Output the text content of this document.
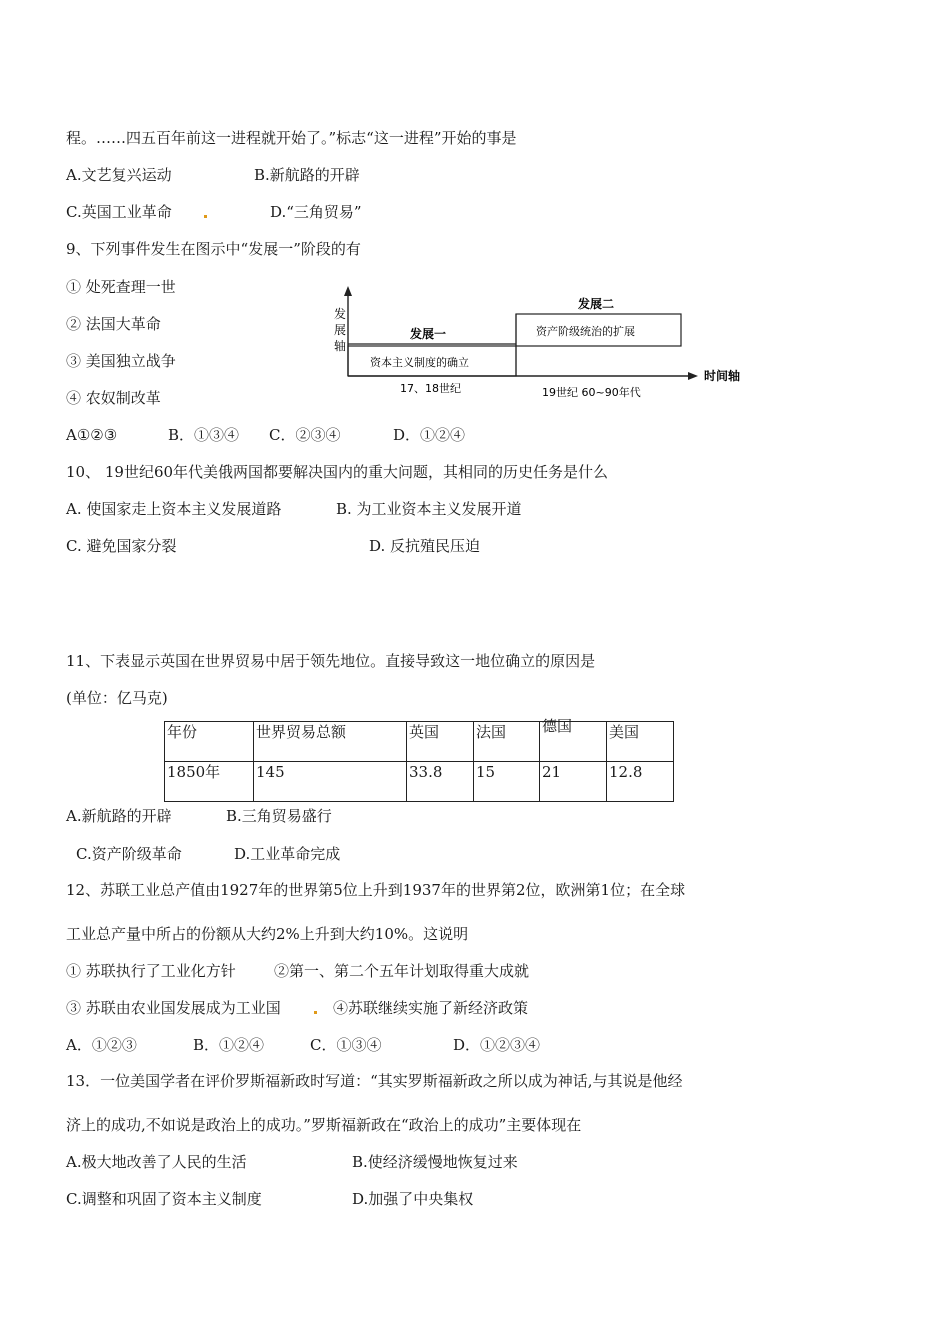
程。……四五百年前这一进程就开始了。”标志“这一进程”开始的事是
A.文艺复兴运动	B.新航路的开辟
C.英国工业革命	D.“三角贸易”
9、下列事件发生在图示中“发展一”阶段的有
① 处死查理一世
② 法国大革命
③ 美国独立战争
④ 农奴制改革
A①②③	B．①③④ C．②③④	D．①②④
发
展
轴
时间轴
发展一
资本主义制度的确立
17、18世纪
发展二
资产阶级统治的扩展
19世纪 60~90年代
10、 19世纪60年代美俄两国都要解决国内的重大问题，其相同的历史任务是什么
A. 使国家走上资本主义发展道路	B. 为工业资本主义发展开道
C. 避免国家分裂	D. 反抗殖民压迫
11、下表显示英国在世界贸易中居于领先地位。直接导致这一地位确立的原因是
(单位：亿马克)
年份	世界贸易总额	英国	法国	德国	美国
1850年	145	33.8	15	21	12.8
A.新航路的开辟	B.三角贸易盛行
C.资产阶级革命	D.工业革命完成
12、苏联工业总产值由1927年的世界第5位上升到1937年的世界第2位，欧洲第1位；在全球
工业总产量中所占的份额从大约2%上升到大约10%。这说明
① 苏联执行了工业化方针	②第一、第二个五年计划取得重大成就
③ 苏联由农业国发展成为工业国	④苏联继续实施了新经济政策
A．①②③	B．①②④	C．①③④	D．①②③④
13．一位美国学者在评价罗斯福新政时写道：“其实罗斯福新政之所以成为神话,与其说是他经
济上的成功,不如说是政治上的成功。”罗斯福新政在“政治上的成功”主要体现在
A.极大地改善了人民的生活	B.使经济缓慢地恢复过来
C.调整和巩固了资本主义制度	D.加强了中央集权
